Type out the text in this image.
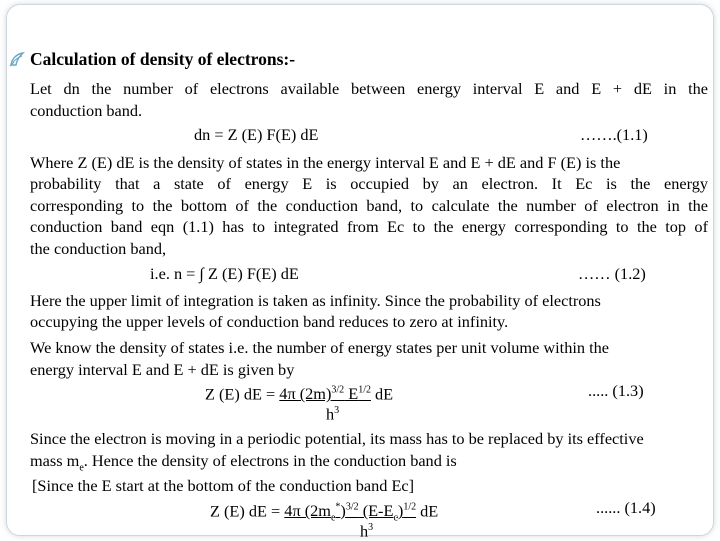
Calculation of density of electrons:-
Let dn the number of electrons available between energy interval E and E + dE in the
conduction band.
dn = Z (E) F(E) dE	…….(1.1)
Where Z (E) dE is the density of states in the energy interval E and E + dE and F (E) is the
probability that a state of energy E is occupied by an electron. It Ec is the energy
corresponding to the bottom of the conduction band, to calculate the number of electron in the
conduction band eqn (1.1) has to integrated from Ec to the energy corresponding to the top of
the conduction band,
i.e. n = ∫ Z (E) F(E) dE	…… (1.2)
Here the upper limit of integration is taken as infinity. Since the probability of electrons
occupying the upper levels of conduction band reduces to zero at infinity.
We know the density of states i.e. the number of energy states per unit volume within the
energy interval E and E + dE is given by
Z (E) dE = 4π $(2m)^{3/2}$ $E^{1/2}$ dE	..... (1.3)
$h^3$
Since the electron is moving in a periodic potential, its mass has to be replaced by its effective
mass $m_e$. Hence the density of electrons in the conduction band is
[Since the E start at the bottom of the conduction band Ec]
Z (E) dE = 4π $(2m_e^*)^{3/2}$ $(E-E_c)^{1/2}$ dE	...... (1.4)
$h^3$
